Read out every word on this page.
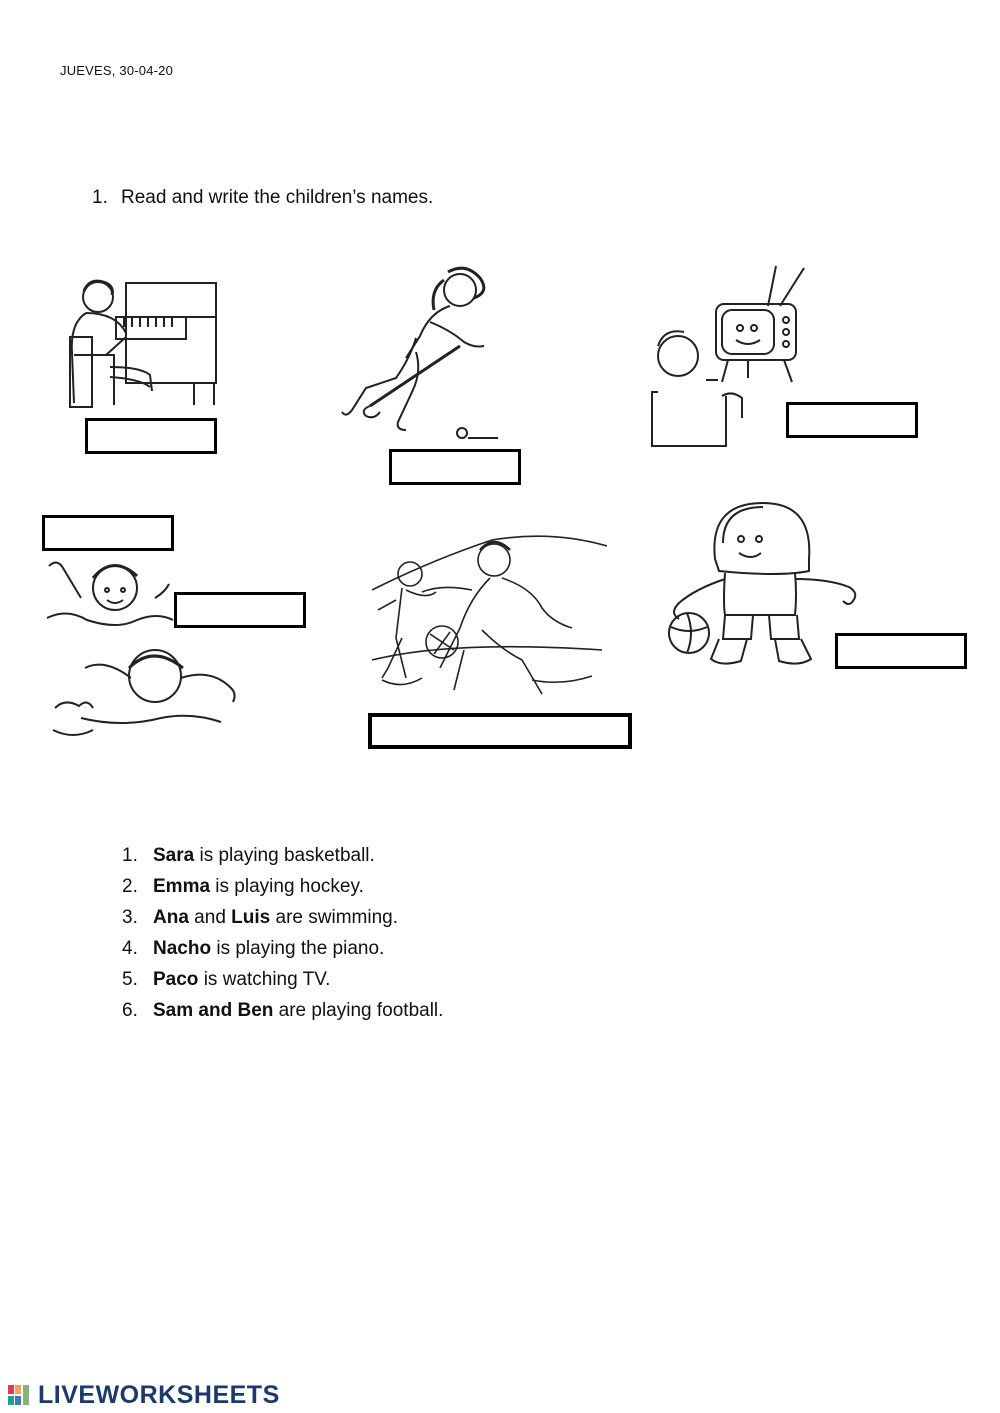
JUEVES, 30-04-20
1. Read and write the children’s names.
1. Sara is playing basketball.
2. Emma is playing hockey.
3. Ana and Luis are swimming.
4. Nacho is playing the piano.
5. Paco is watching TV.
6. Sam and Ben are playing football.
LIVEWORKSHEETS
